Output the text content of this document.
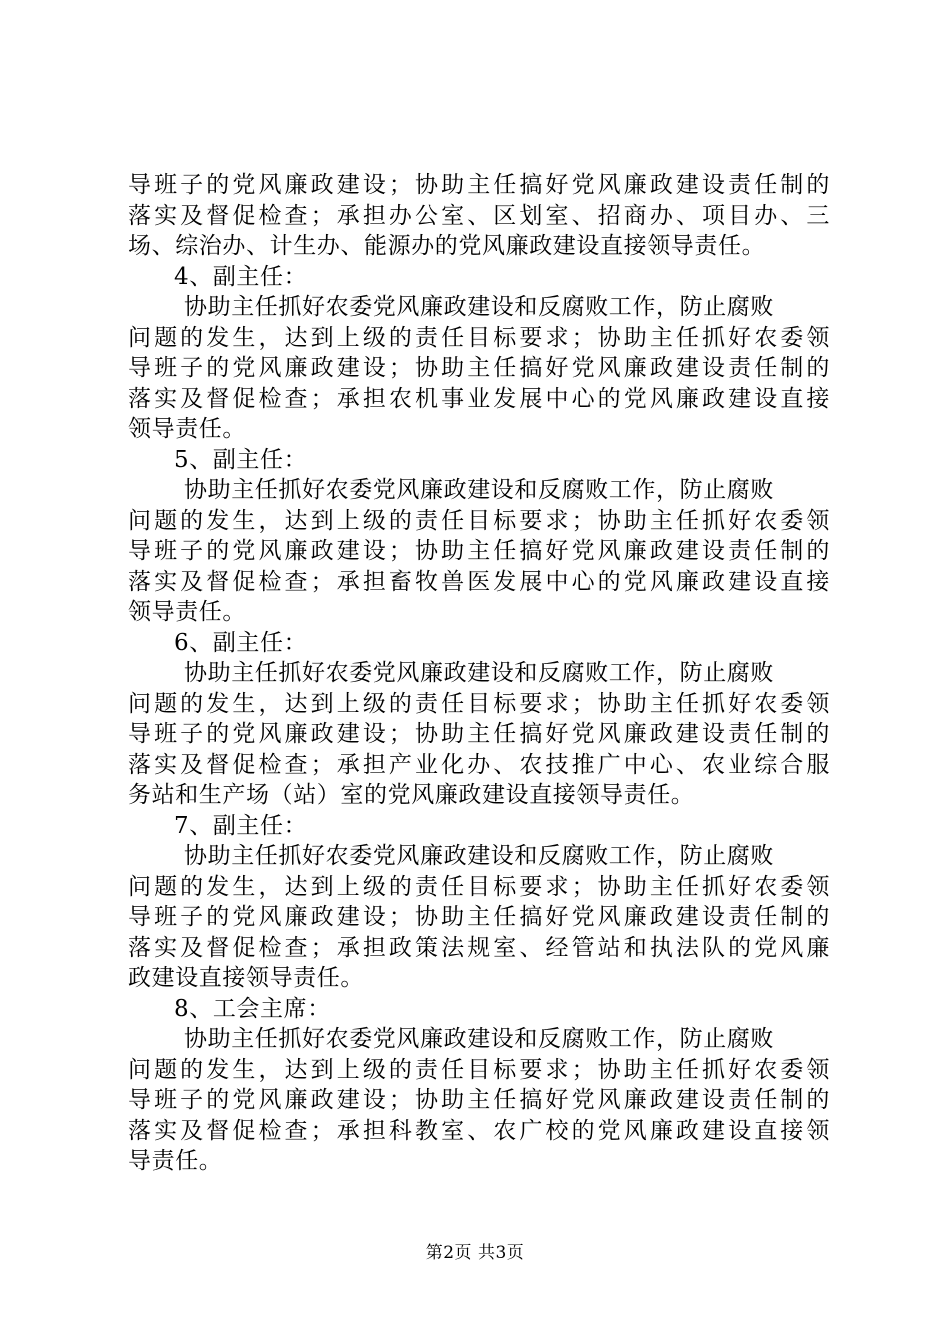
导班子的党风廉政建设；协助主任搞好党风廉政建设责任制的
落实及督促检查；承担办公室、区划室、招商办、项目办、三
场、综治办、计生办、能源办的党风廉政建设直接领导责任。
4、副主任：
协助主任抓好农委党风廉政建设和反腐败工作，防止腐败
问题的发生，达到上级的责任目标要求；协助主任抓好农委领
导班子的党风廉政建设；协助主任搞好党风廉政建设责任制的
落实及督促检查；承担农机事业发展中心的党风廉政建设直接
领导责任。
5、副主任：
协助主任抓好农委党风廉政建设和反腐败工作，防止腐败
问题的发生，达到上级的责任目标要求；协助主任抓好农委领
导班子的党风廉政建设；协助主任搞好党风廉政建设责任制的
落实及督促检查；承担畜牧兽医发展中心的党风廉政建设直接
领导责任。
6、副主任：
协助主任抓好农委党风廉政建设和反腐败工作，防止腐败
问题的发生，达到上级的责任目标要求；协助主任抓好农委领
导班子的党风廉政建设；协助主任搞好党风廉政建设责任制的
落实及督促检查；承担产业化办、农技推广中心、农业综合服
务站和生产场（站）室的党风廉政建设直接领导责任。
7、副主任：
协助主任抓好农委党风廉政建设和反腐败工作，防止腐败
问题的发生，达到上级的责任目标要求；协助主任抓好农委领
导班子的党风廉政建设；协助主任搞好党风廉政建设责任制的
落实及督促检查；承担政策法规室、经管站和执法队的党风廉
政建设直接领导责任。
8、工会主席：
协助主任抓好农委党风廉政建设和反腐败工作，防止腐败
问题的发生，达到上级的责任目标要求；协助主任抓好农委领
导班子的党风廉政建设；协助主任搞好党风廉政建设责任制的
落实及督促检查；承担科教室、农广校的党风廉政建设直接领
导责任。
第2页 共3页
